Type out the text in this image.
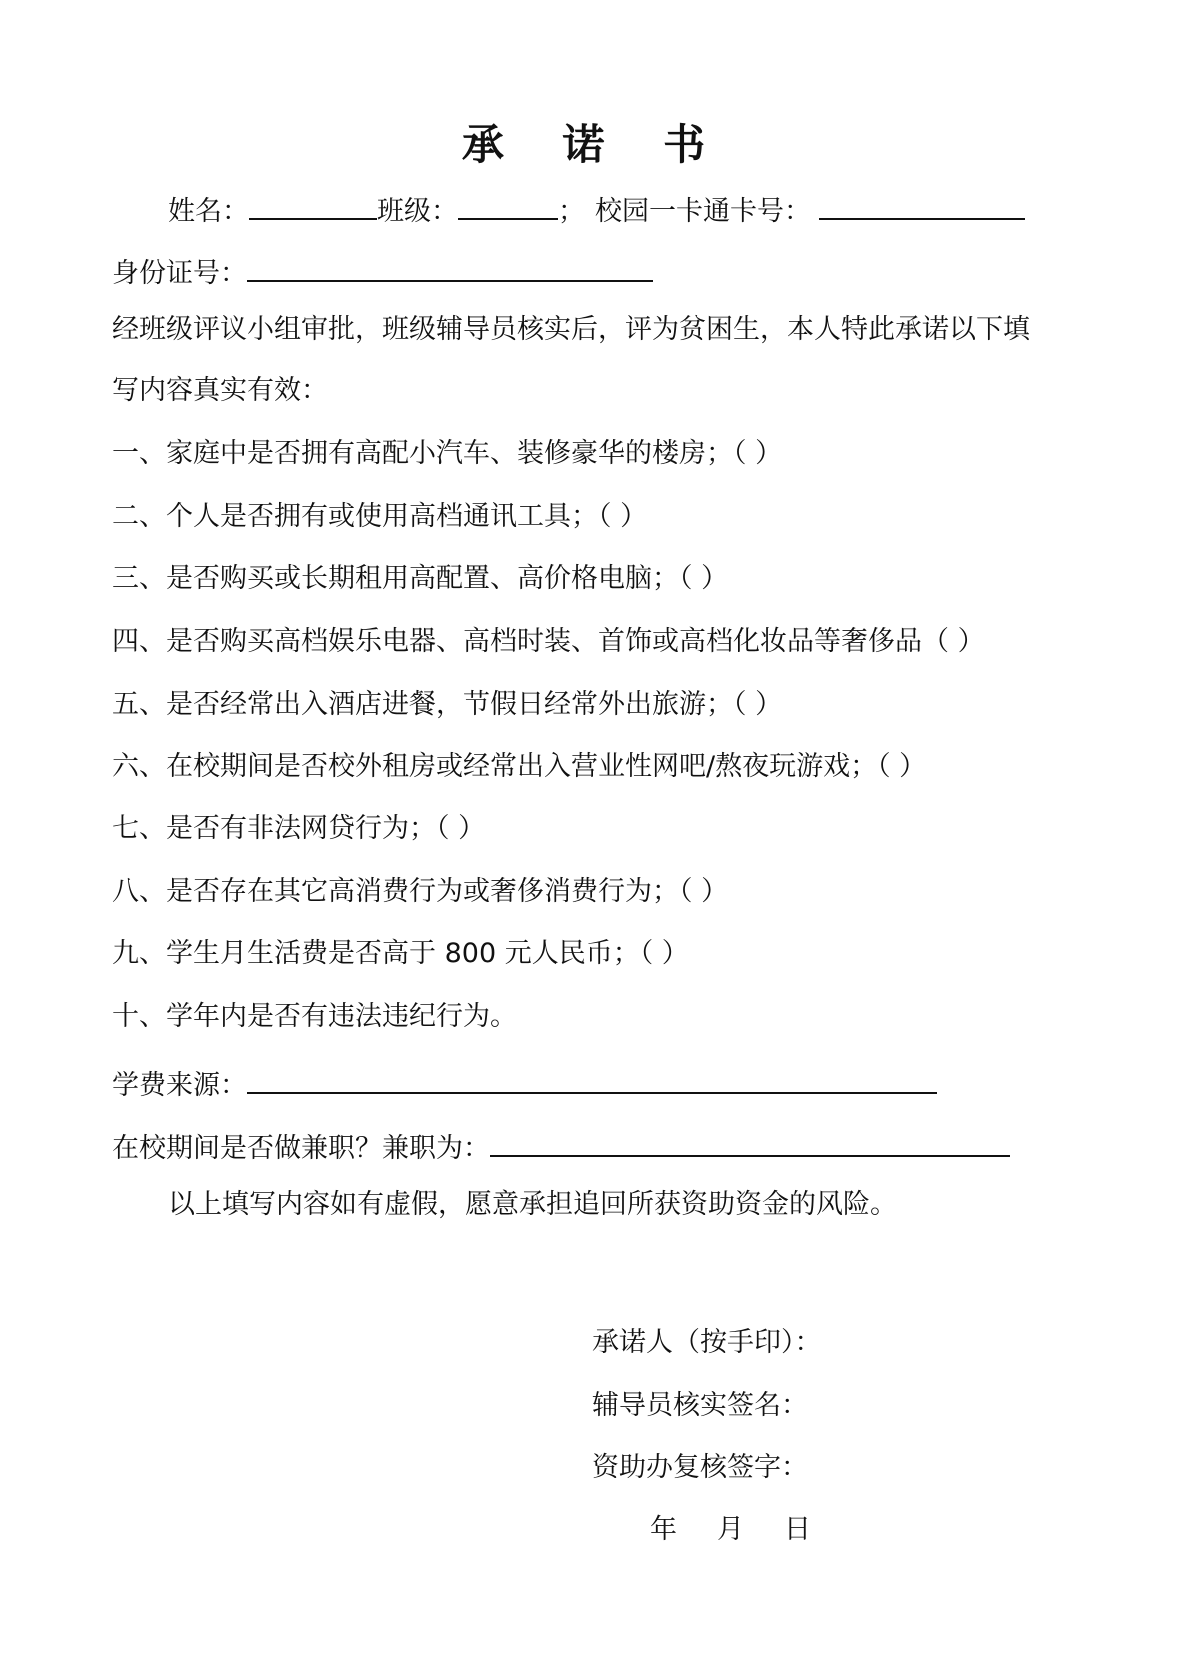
承 诺 书
姓名：	班级：	； 校园一卡通卡号：
身份证号：
经班级评议小组审批，班级辅导员核实后，评为贫困生，本人特此承诺以下填
写内容真实有效：
一、家庭中是否拥有高配小汽车、装修豪华的楼房；（ ）
二、个人是否拥有或使用高档通讯工具；（ ）
三、是否购买或长期租用高配置、高价格电脑；（ ）
四、是否购买高档娱乐电器、高档时装、首饰或高档化妆品等奢侈品（ ）
五、是否经常出入酒店进餐，节假日经常外出旅游；（ ）
六、在校期间是否校外租房或经常出入营业性网吧/熬夜玩游戏；（ ）
七、是否有非法网贷行为；（ ）
八、是否存在其它高消费行为或奢侈消费行为；（ ）
九、学生月生活费是否高于 800 元人民币；（ ）
十、学年内是否有违法违纪行为。
学费来源：
在校期间是否做兼职？兼职为：
以上填写内容如有虚假，愿意承担追回所获资助资金的风险。
承诺人（按手印）：
辅导员核实签名：
资助办复核签字：
年 月 日
